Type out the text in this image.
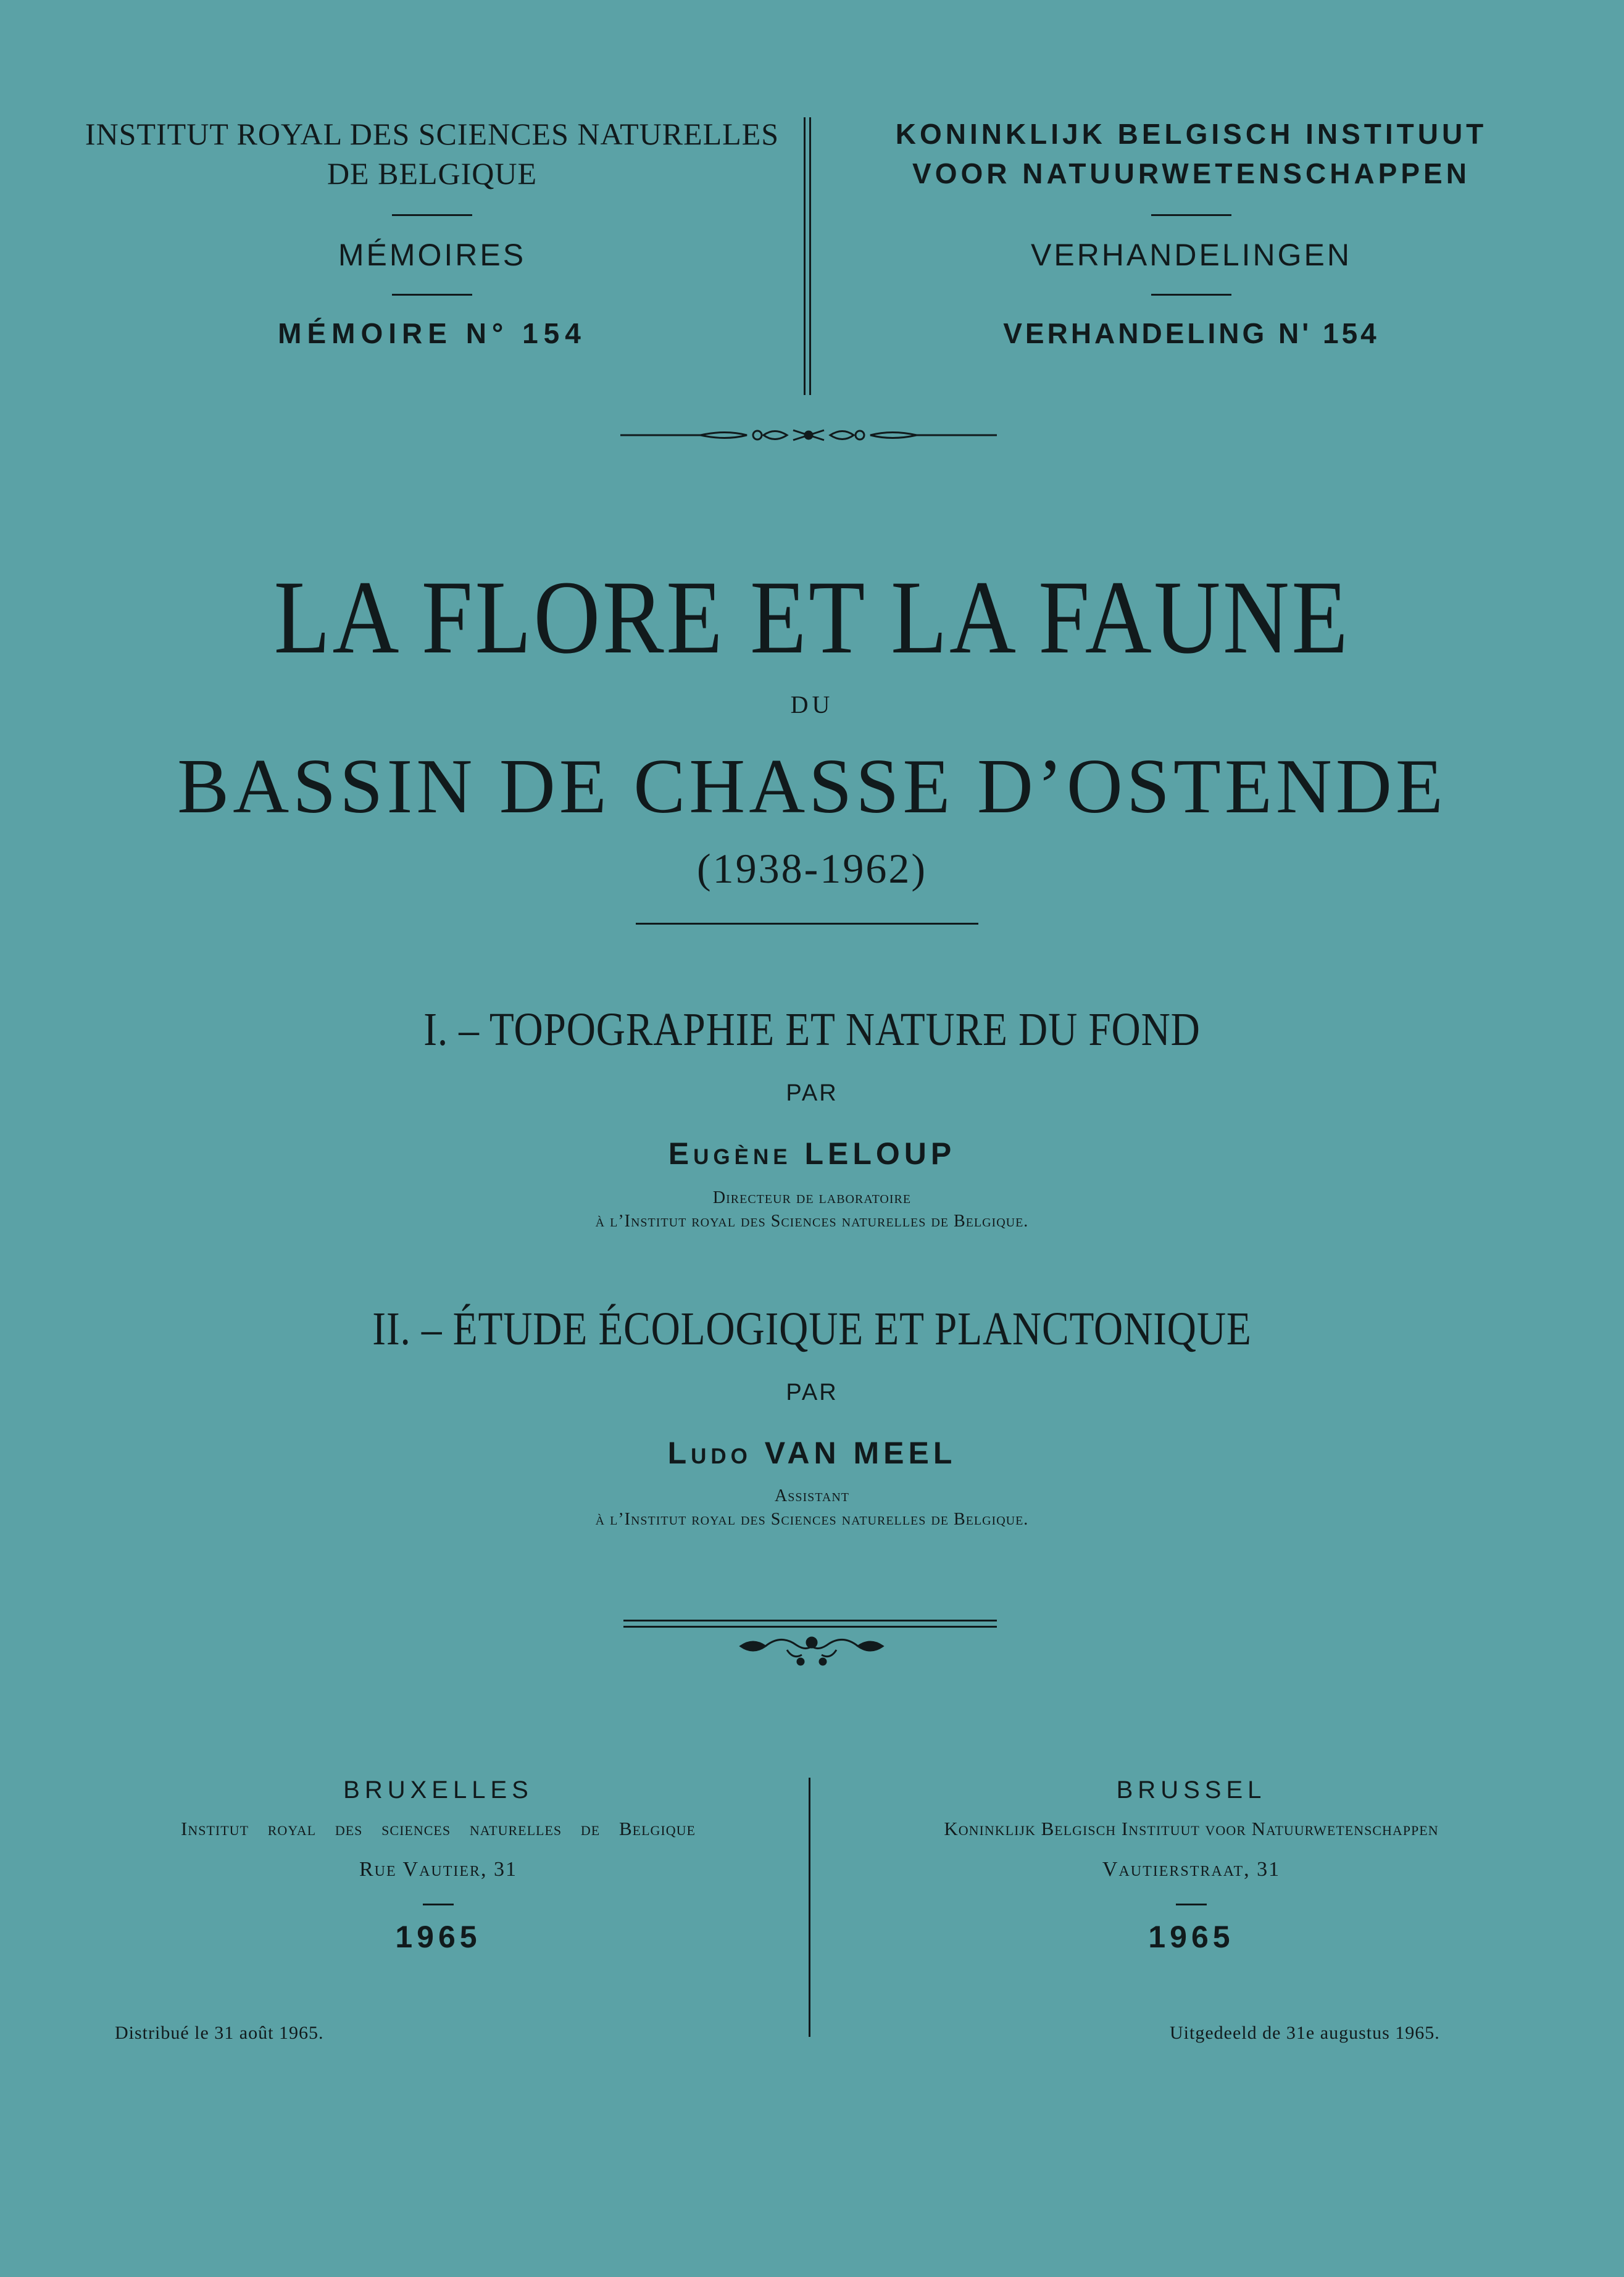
INSTITUT ROYAL DES SCIENCES NATURELLES
DE BELGIQUE
MÉMOIRES
MÉMOIRE N° 154
KONINKLIJK BELGISCH INSTITUUT
VOOR NATUURWETENSCHAPPEN
VERHANDELINGEN
VERHANDELING N' 154
LA FLORE ET LA FAUNE
DU
BASSIN DE CHASSE D’OSTENDE
(1938-1962)
I. – TOPOGRAPHIE ET NATURE DU FOND
PAR
Eugène LELOUP
Directeur de laboratoire
à l’Institut royal des Sciences naturelles de Belgique.
II. – ÉTUDE ÉCOLOGIQUE ET PLANCTONIQUE
PAR
Ludo VAN MEEL
Assistant
à l’Institut royal des Sciences naturelles de Belgique.
BRUXELLES
Institut royal des sciences naturelles de Belgique
Rue Vautier, 31
1965
BRUSSEL
Koninklijk Belgisch Instituut voor Natuurwetenschappen
Vautierstraat, 31
1965
Distribué le 31 août 1965.	Uitgedeeld de 31e augustus 1965.
